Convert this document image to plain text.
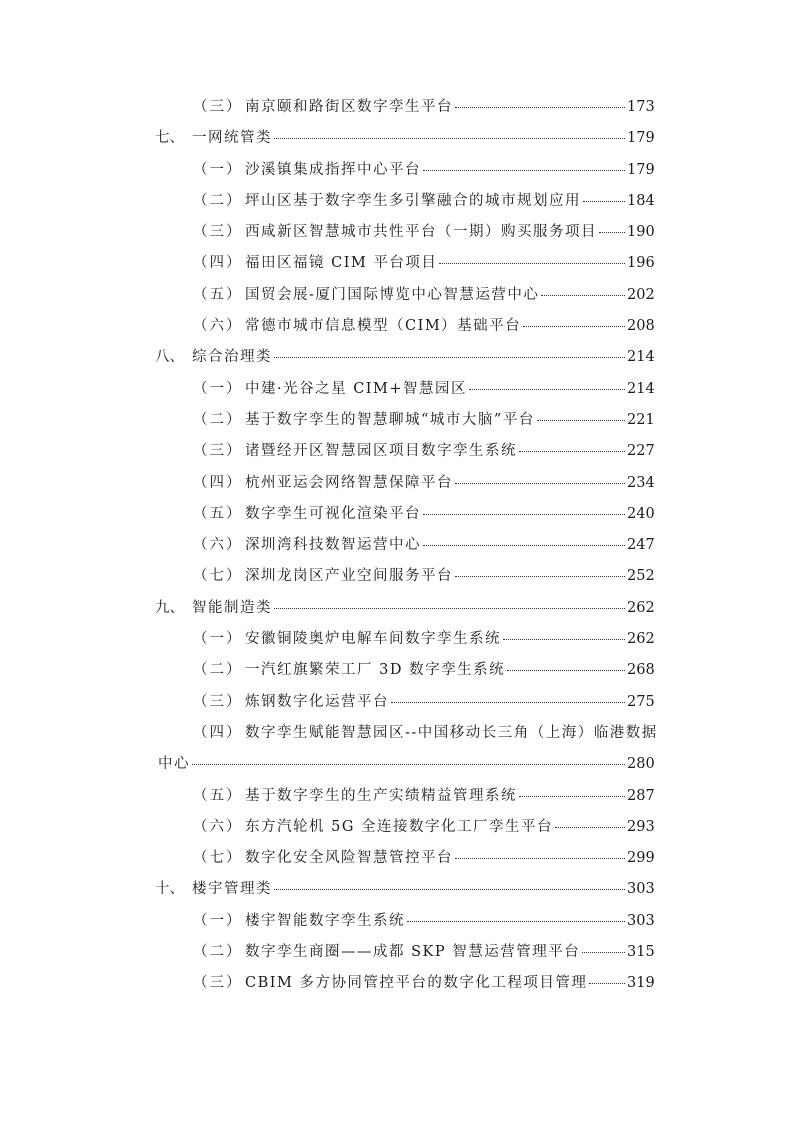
（三） 南京颐和路街区数字孪生平台	173
七、 一网统管类	179
（一） 沙溪镇集成指挥中心平台	179
（二） 坪山区基于数字孪生多引擎融合的城市规划应用	184
（三） 西咸新区智慧城市共性平台（一期）购买服务项目 190
（四） 福田区福镜 CIM 平台项目	196
（五） 国贸会展-厦门国际博览中心智慧运营中心	202
（六） 常德市城市信息模型（CIM）基础平台	208
八、 综合治理类	214
（一） 中建·光谷之星 CIM+智慧园区	214
（二） 基于数字孪生的智慧聊城“城市大脑”平台	221
（三） 诸暨经开区智慧园区项目数字孪生系统	227
（四） 杭州亚运会网络智慧保障平台	234
（五） 数字孪生可视化渲染平台	240
（六） 深圳湾科技数智运营中心	247
（七） 深圳龙岗区产业空间服务平台	252
九、 智能制造类	262
（一） 安徽铜陵奥炉电解车间数字孪生系统	262
（二） 一汽红旗繁荣工厂 3D 数字孪生系统	268
（三） 炼钢数字化运营平台	275
（四） 数字孪生赋能智慧园区--中国移动长三角（上海）临港数据
中心	280
（五） 基于数字孪生的生产实绩精益管理系统	287
（六） 东方汽轮机 5G 全连接数字化工厂孪生平台	293
（七） 数字化安全风险智慧管控平台	299
十、 楼宇管理类	303
（一） 楼宇智能数字孪生系统	303
（二） 数字孪生商圈——成都 SKP 智慧运营管理平台	315
（三） CBIM 多方协同管控平台的数字化工程项目管理	319
